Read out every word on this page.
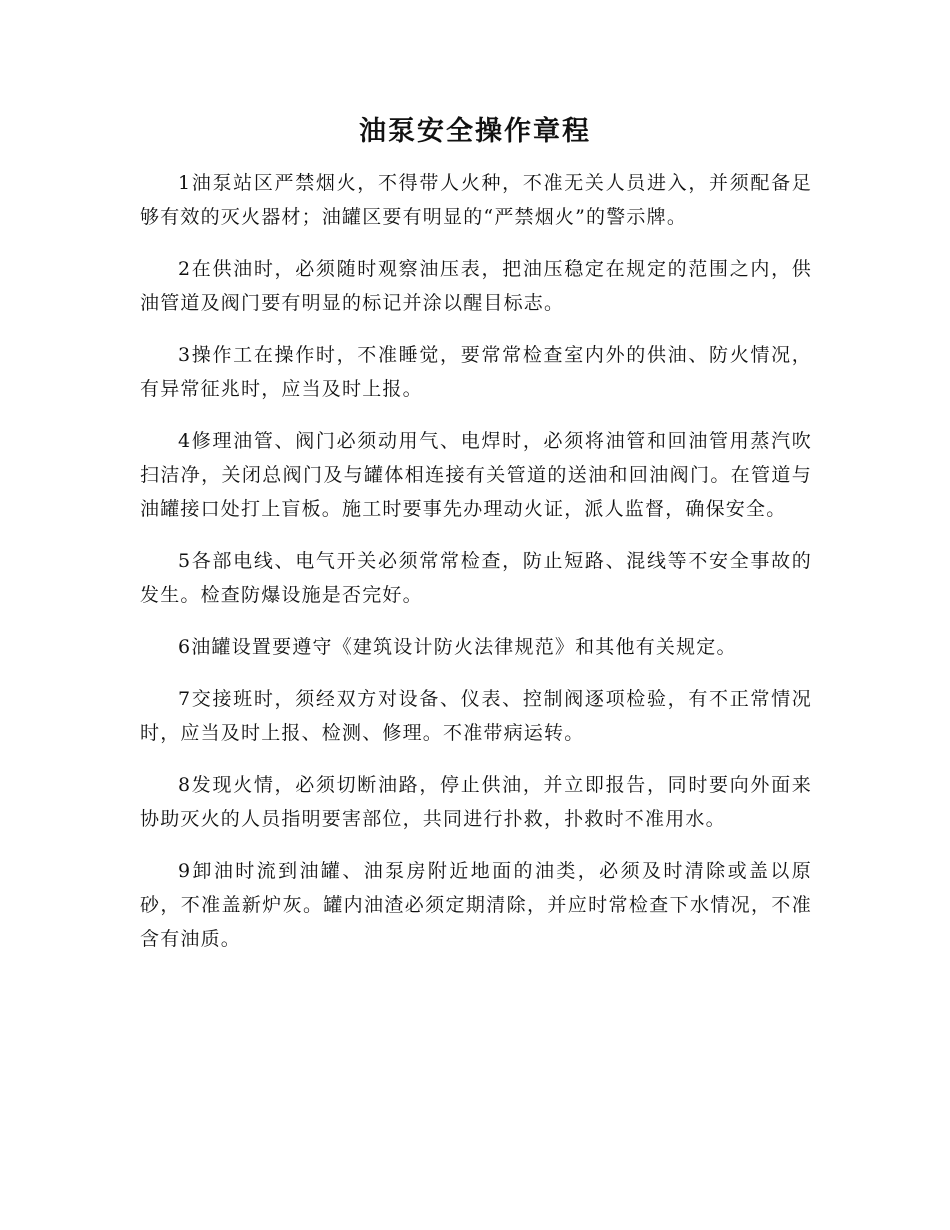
油泵安全操作章程

1油泵站区严禁烟火，不得带人火种，不准无关人员进入，并须配备足够有效的灭火器材；油罐区要有明显的“严禁烟火”的警示牌。

2在供油时，必须随时观察油压表，把油压稳定在规定的范围之内，供油管道及阀门要有明显的标记并涂以醒目标志。

3操作工在操作时，不准睡觉，要常常检查室内外的供油、防火情况，有异常征兆时，应当及时上报。

4修理油管、阀门必须动用气、电焊时，必须将油管和回油管用蒸汽吹扫洁净，关闭总阀门及与罐体相连接有关管道的送油和回油阀门。在管道与油罐接口处打上盲板。施工时要事先办理动火证，派人监督，确保安全。

5各部电线、电气开关必须常常检查，防止短路、混线等不安全事故的发生。检查防爆设施是否完好。

6油罐设置要遵守《建筑设计防火法律规范》和其他有关规定。

7交接班时，须经双方对设备、仪表、控制阀逐项检验，有不正常情况时，应当及时上报、检测、修理。不准带病运转。

8发现火情，必须切断油路，停止供油，并立即报告，同时要向外面来协助灭火的人员指明要害部位，共同进行扑救，扑救时不准用水。

9卸油时流到油罐、油泵房附近地面的油类，必须及时清除或盖以原砂，不准盖新炉灰。罐内油渣必须定期清除，并应时常检查下水情况，不准含有油质。
